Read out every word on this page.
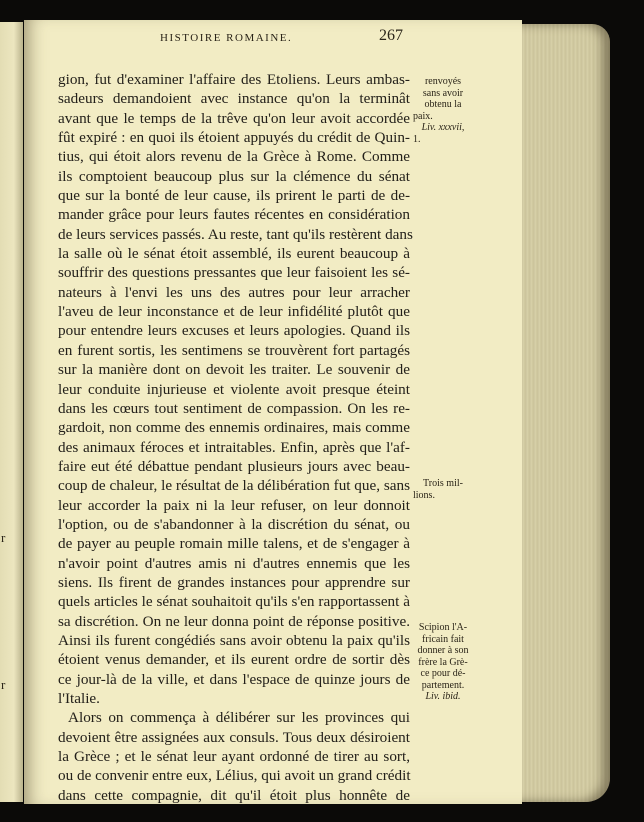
r
r
HISTOIRE ROMAINE.	267
gion, fut d'examiner l'affaire des Etoliens. Leurs ambas-
sadeurs demandoient avec instance qu'on la terminât
avant que le temps de la trêve qu'on leur avoit accordée
fût expiré : en quoi ils étoient appuyés du crédit de Quin-
tius, qui étoit alors revenu de la Grèce à Rome. Comme
ils comptoient beaucoup plus sur la clémence du sénat
que sur la bonté de leur cause, ils prirent le parti de de-
mander grâce pour leurs fautes récentes en considération
de leurs services passés. Au reste, tant qu'ils restèrent dans
la salle où le sénat étoit assemblé, ils eurent beaucoup à
souffrir des questions pressantes que leur faisoient les sé-
nateurs à l'envi les uns des autres pour leur arracher
l'aveu de leur inconstance et de leur infidélité plutôt que
pour entendre leurs excuses et leurs apologies. Quand ils
en furent sortis, les sentimens se trouvèrent fort partagés
sur la manière dont on devoit les traiter. Le souvenir de
leur conduite injurieuse et violente avoit presque éteint
dans les cœurs tout sentiment de compassion. On les re-
gardoit, non comme des ennemis ordinaires, mais comme
des animaux féroces et intraitables. Enfin, après que l'af-
faire eut été débattue pendant plusieurs jours avec beau-
coup de chaleur, le résultat de la délibération fut que, sans
leur accorder la paix ni la leur refuser, on leur donnoit
l'option, ou de s'abandonner à la discrétion du sénat, ou
de payer au peuple romain mille talens, et de s'engager à
n'avoir point d'autres amis ni d'autres ennemis que les
siens. Ils firent de grandes instances pour apprendre sur
quels articles le sénat souhaitoit qu'ils s'en rapportassent à
sa discrétion. On ne leur donna point de réponse positive.
Ainsi ils furent congédiés sans avoir obtenu la paix qu'ils
étoient venus demander, et ils eurent ordre de sortir dès
ce jour-là de la ville, et dans l'espace de quinze jours de
l'Italie.
Alors on commença à délibérer sur les provinces qui
devoient être assignées aux consuls. Tous deux désiroient
la Grèce ; et le sénat leur ayant ordonné de tirer au sort,
ou de convenir entre eux, Lélius, qui avoit un grand crédit
dans cette compagnie, dit qu'il étoit plus honnête de
renvoyés
sans avoir
obtenu la
paix.
Liv. xxxvii,
1.
Trois mil-
lions.
Scipion l'A-
fricain fait
donner à son
frère la Grè-
ce pour dé-
partement.
Liv. ibid.
